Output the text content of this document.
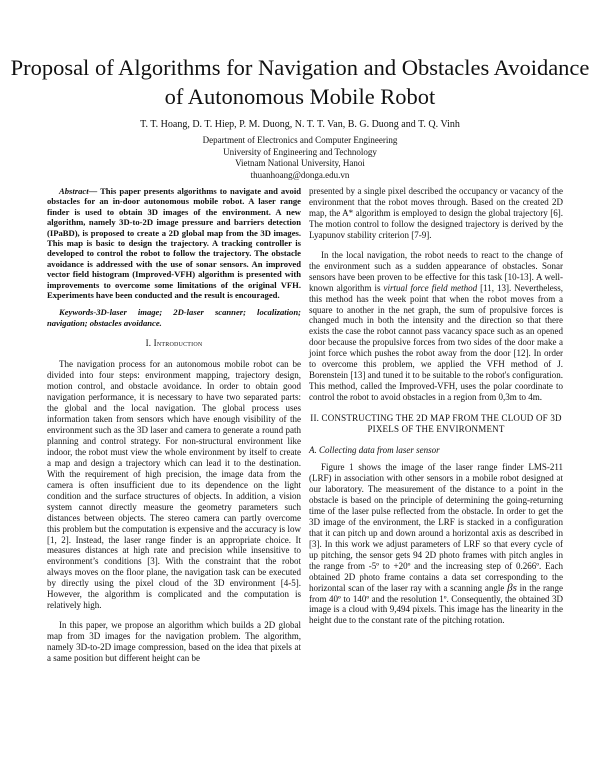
Proposal of Algorithms for Navigation and Obstacles Avoidance of Autonomous Mobile Robot
T. T. Hoang, D. T. Hiep, P. M. Duong, N. T. T. Van, B. G. Duong and T. Q. Vinh
Department of Electronics and Computer Engineering
University of Engineering and Technology
Vietnam National University, Hanoi
thuanhoang@donga.edu.vn

Abstract— This paper presents algorithms to navigate and avoid obstacles for an in-door autonomous mobile robot. A laser range finder is used to obtain 3D images of the environment. A new algorithm, namely 3D-to-2D image pressure and barriers detection (IPaBD), is proposed to create a 2D global map from the 3D images. This map is basic to design the trajectory. A tracking controller is developed to control the robot to follow the trajectory. The obstacle avoidance is addressed with the use of sonar sensors. An improved vector field histogram (Improved-VFH) algorithm is presented with improvements to overcome some limitations of the original VFH. Experiments have been conducted and the result is encouraged.

Keywords-3D-laser image; 2D-laser scanner; localization; navigation; obstacles avoidance.

I. Introduction

The navigation process for an autonomous mobile robot can be divided into four steps: environment mapping, trajectory design, motion control, and obstacle avoidance. In order to obtain good navigation performance, it is necessary to have two separated parts: the global and the local navigation. The global process uses information taken from sensors which have enough visibility of the environment such as the 3D laser and camera to generate a round path planning and control strategy. For non-structural environment like indoor, the robot must view the whole environment by itself to create a map and design a trajectory which can lead it to the destination. With the requirement of high precision, the image data from the camera is often insufficient due to its dependence on the light condition and the surface structures of objects. In addition, a vision system cannot directly measure the geometry parameters such distances between objects. The stereo camera can partly overcome this problem but the computation is expensive and the accuracy is low [1, 2]. Instead, the laser range finder is an appropriate choice. It measures distances at high rate and precision while insensitive to environment’s conditions [3]. With the constraint that the robot always moves on the floor plane, the navigation task can be executed by directly using the pixel cloud of the 3D environment [4-5]. However, the algorithm is complicated and the computation is relatively high.

In this paper, we propose an algorithm which builds a 2D global map from 3D images for the navigation problem. The algorithm, namely 3D-to-2D image compression, based on the idea that pixels at a same position but different height can be

presented by a single pixel described the occupancy or vacancy of the environment that the robot moves through. Based on the created 2D map, the A* algorithm is employed to design the global trajectory [6]. The motion control to follow the designed trajectory is derived by the Lyapunov stability criterion [7-9].

In the local navigation, the robot needs to react to the change of the environment such as a sudden appearance of obstacles. Sonar sensors have been proven to be effective for this task [10-13]. A well-known algorithm is virtual force field method [11, 13]. Nevertheless, this method has the week point that when the robot moves from a square to another in the net graph, the sum of propulsive forces is changed much in both the intensity and the direction so that there exists the case the robot cannot pass vacancy space such as an opened door because the propulsive forces from two sides of the door make a joint force which pushes the robot away from the door [12]. In order to overcome this problem, we applied the VFH method of J. Borenstein [13] and tuned it to be suitable to the robot's configuration. This method, called the Improved-VFH, uses the polar coordinate to control the robot to avoid obstacles in a region from 0,3m to 4m.

II. CONSTRUCTING THE 2D MAP FROM THE CLOUD OF 3D PIXELS OF THE ENVIRONMENT

A. Collecting data from laser sensor

Figure 1 shows the image of the laser range finder LMS-211 (LRF) in association with other sensors in a mobile robot designed at our laboratory. The measurement of the distance to a point in the obstacle is based on the principle of determining the going-returning time of the laser pulse reflected from the obstacle. In order to get the 3D image of the environment, the LRF is stacked in a configuration that it can pitch up and down around a horizontal axis as described in [3]. In this work we adjust parameters of LRF so that every cycle of up pitching, the sensor gets 94 2D photo frames with pitch angles in the range from -5º to +20º and the increasing step of 0.266º. Each obtained 2D photo frame contains a data set corresponding to the horizontal scan of the laser ray with a scanning angle βs in the range from 40º to 140º and the resolution 1º. Consequently, the obtained 3D image is a cloud with 9,494 pixels. This image has the linearity in the height due to the constant rate of the pitching rotation.
